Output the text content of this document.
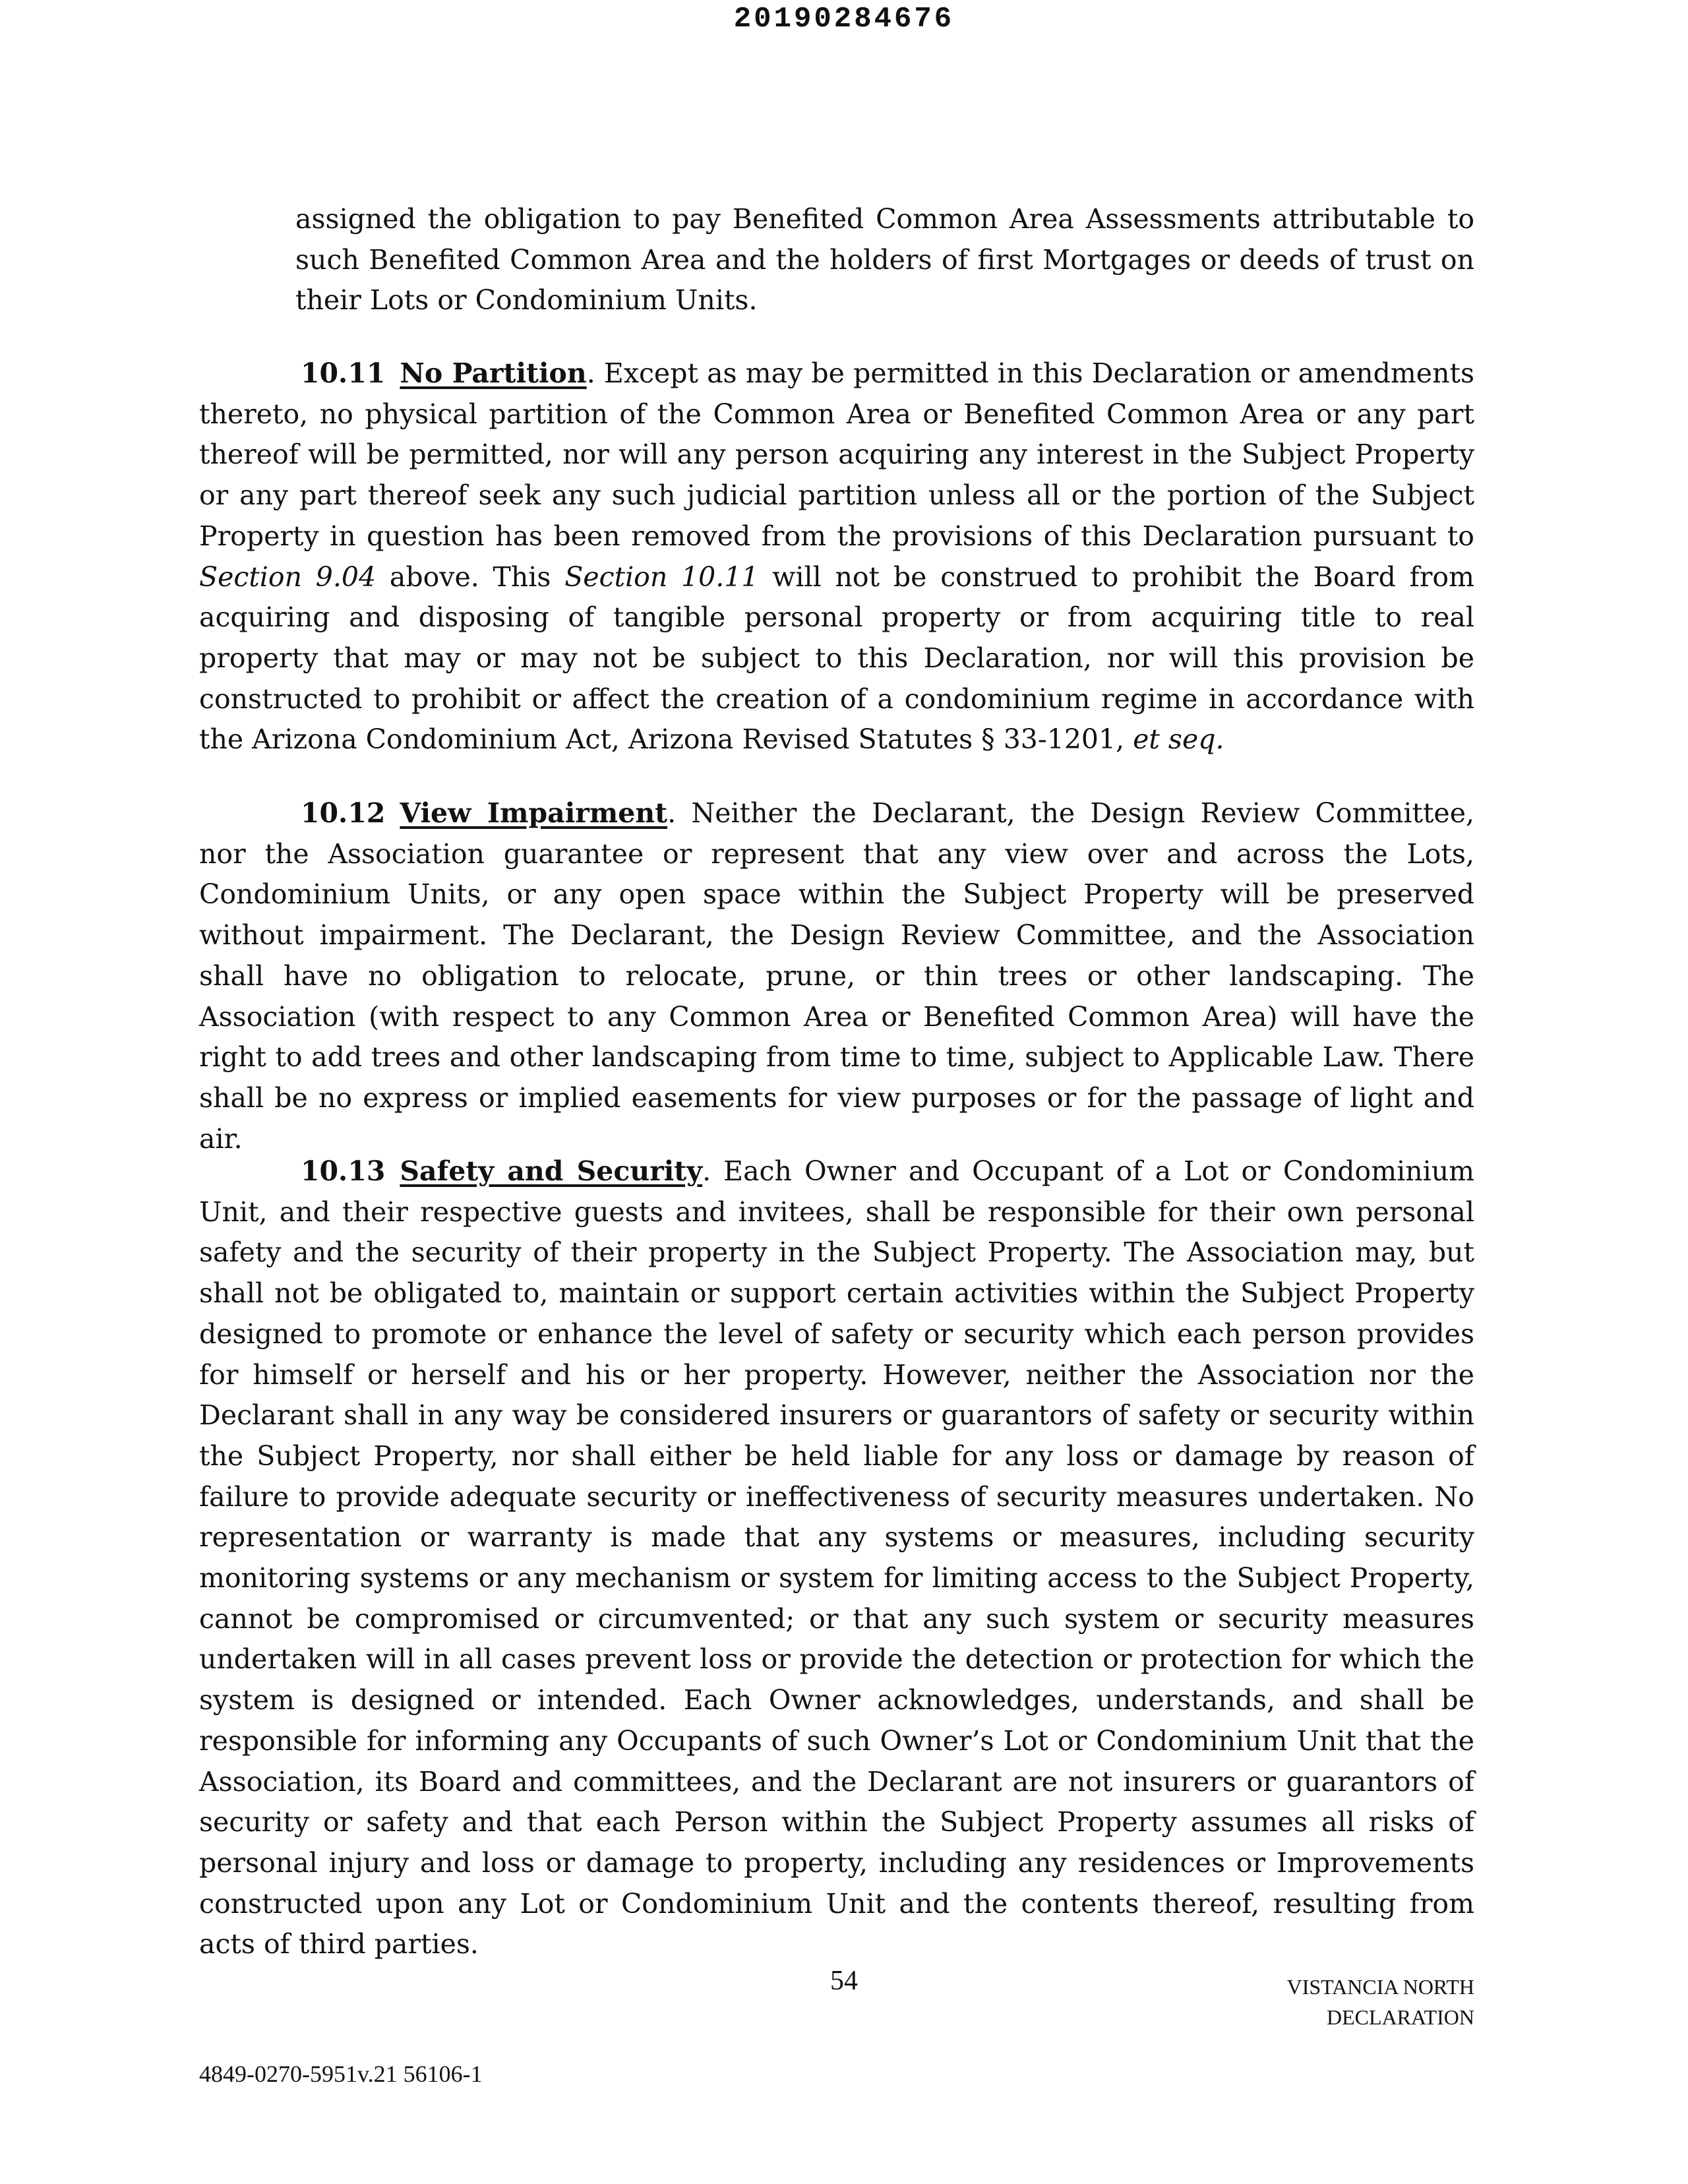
20190284676

assigned the obligation to pay Benefited Common Area Assessments attributable to such Benefited Common Area and the holders of first Mortgages or deeds of trust on their Lots or Condominium Units.

10.11 No Partition. Except as may be permitted in this Declaration or amendments thereto, no physical partition of the Common Area or Benefited Common Area or any part thereof will be permitted, nor will any person acquiring any interest in the Subject Property or any part thereof seek any such judicial partition unless all or the portion of the Subject Property in question has been removed from the provisions of this Declaration pursuant to Section 9.04 above. This Section 10.11 will not be construed to prohibit the Board from acquiring and disposing of tangible personal property or from acquiring title to real property that may or may not be subject to this Declaration, nor will this provision be constructed to prohibit or affect the creation of a condominium regime in accordance with the Arizona Condominium Act, Arizona Revised Statutes § 33-1201, et seq.

10.12 View Impairment. Neither the Declarant, the Design Review Committee, nor the Association guarantee or represent that any view over and across the Lots, Condominium Units, or any open space within the Subject Property will be preserved without impairment. The Declarant, the Design Review Committee, and the Association shall have no obligation to relocate, prune, or thin trees or other landscaping. The Association (with respect to any Common Area or Benefited Common Area) will have the right to add trees and other landscaping from time to time, subject to Applicable Law. There shall be no express or implied easements for view purposes or for the passage of light and air.

10.13 Safety and Security. Each Owner and Occupant of a Lot or Condominium Unit, and their respective guests and invitees, shall be responsible for their own personal safety and the security of their property in the Subject Property. The Association may, but shall not be obligated to, maintain or support certain activities within the Subject Property designed to promote or enhance the level of safety or security which each person provides for himself or herself and his or her property. However, neither the Association nor the Declarant shall in any way be considered insurers or guarantors of safety or security within the Subject Property, nor shall either be held liable for any loss or damage by reason of failure to provide adequate security or ineffectiveness of security measures undertaken. No representation or warranty is made that any systems or measures, including security monitoring systems or any mechanism or system for limiting access to the Subject Property, cannot be compromised or circumvented; or that any such system or security measures undertaken will in all cases prevent loss or provide the detection or protection for which the system is designed or intended. Each Owner acknowledges, understands, and shall be responsible for informing any Occupants of such Owner’s Lot or Condominium Unit that the Association, its Board and committees, and the Declarant are not insurers or guarantors of security or safety and that each Person within the Subject Property assumes all risks of personal injury and loss or damage to property, including any residences or Improvements constructed upon any Lot or Condominium Unit and the contents thereof, resulting from acts of third parties.

54	VISTANCIA NORTH
DECLARATION
4849-0270-5951v.21 56106-1
